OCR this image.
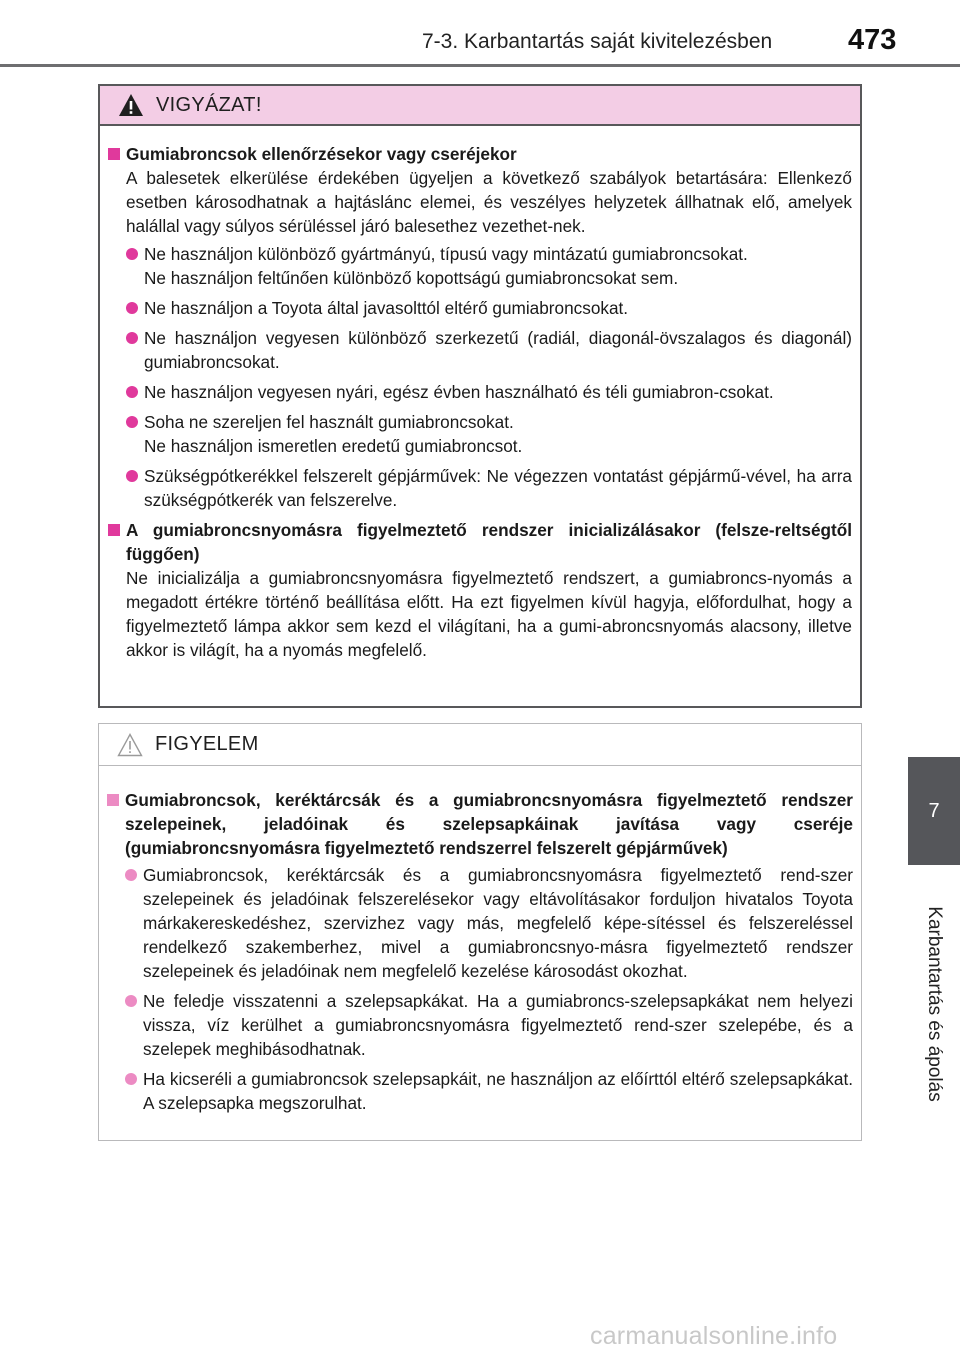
7-3. Karbantartás saját kivitelezésben	473
7
Karbantartás és ápolás
VIGYÁZAT!
Gumiabroncsok ellenőrzésekor vagy cseréjekor
A balesetek elkerülése érdekében ügyeljen a következő szabályok betartására: Ellenkező esetben károsodhatnak a hajtáslánc elemei, és veszélyes helyzetek állhatnak elő, amelyek halállal vagy súlyos sérüléssel járó balesethez vezethet-nek.
Ne használjon különböző gyártmányú, típusú vagy mintázatú gumiabroncsokat.
Ne használjon feltűnően különböző kopottságú gumiabroncsokat sem.
Ne használjon a Toyota által javasolttól eltérő gumiabroncsokat.
Ne használjon vegyesen különböző szerkezetű (radiál, diagonál-övszalagos és diagonál) gumiabroncsokat.
Ne használjon vegyesen nyári, egész évben használható és téli gumiabron-csokat.
Soha ne szereljen fel használt gumiabroncsokat.
Ne használjon ismeretlen eredetű gumiabroncsot.
Szükségpótkerékkel felszerelt gépjárművek: Ne végezzen vontatást gépjármű-vével, ha arra szükségpótkerék van felszerelve.
A gumiabroncsnyomásra figyelmeztető rendszer inicializálásakor (felsze-reltségtől függően)
Ne inicializálja a gumiabroncsnyomásra figyelmeztető rendszert, a gumiabroncs-nyomás a megadott értékre történő beállítása előtt. Ha ezt figyelmen kívül hagyja, előfordulhat, hogy a figyelmeztető lámpa akkor sem kezd el világítani, ha a gumi-abroncsnyomás alacsony, illetve akkor is világít, ha a nyomás megfelelő.
FIGYELEM
Gumiabroncsok, keréktárcsák és a gumiabroncsnyomásra figyelmeztető rendszer szelepeinek, jeladóinak és szelepsapkáinak javítása vagy cseréje (gumiabroncsnyomásra figyelmeztető rendszerrel felszerelt gépjárművek)
Gumiabroncsok, keréktárcsák és a gumiabroncsnyomásra figyelmeztető rend-szer szelepeinek és jeladóinak felszerelésekor vagy eltávolításakor forduljon hivatalos Toyota márkakereskedéshez, szervizhez vagy más, megfelelő képe-sítéssel és felszereléssel rendelkező szakemberhez, mivel a gumiabroncsnyo-másra figyelmeztető rendszer szelepeinek és jeladóinak nem megfelelő kezelése károsodást okozhat.
Ne feledje visszatenni a szelepsapkákat. Ha a gumiabroncs-szelepsapkákat nem helyezi vissza, víz kerülhet a gumiabroncsnyomásra figyelmeztető rend-szer szelepébe, és a szelepek meghibásodhatnak.
Ha kicseréli a gumiabroncsok szelepsapkáit, ne használjon az előírttól eltérő szelepsapkákat. A szelepsapka megszorulhat.
carmanualsonline.info
